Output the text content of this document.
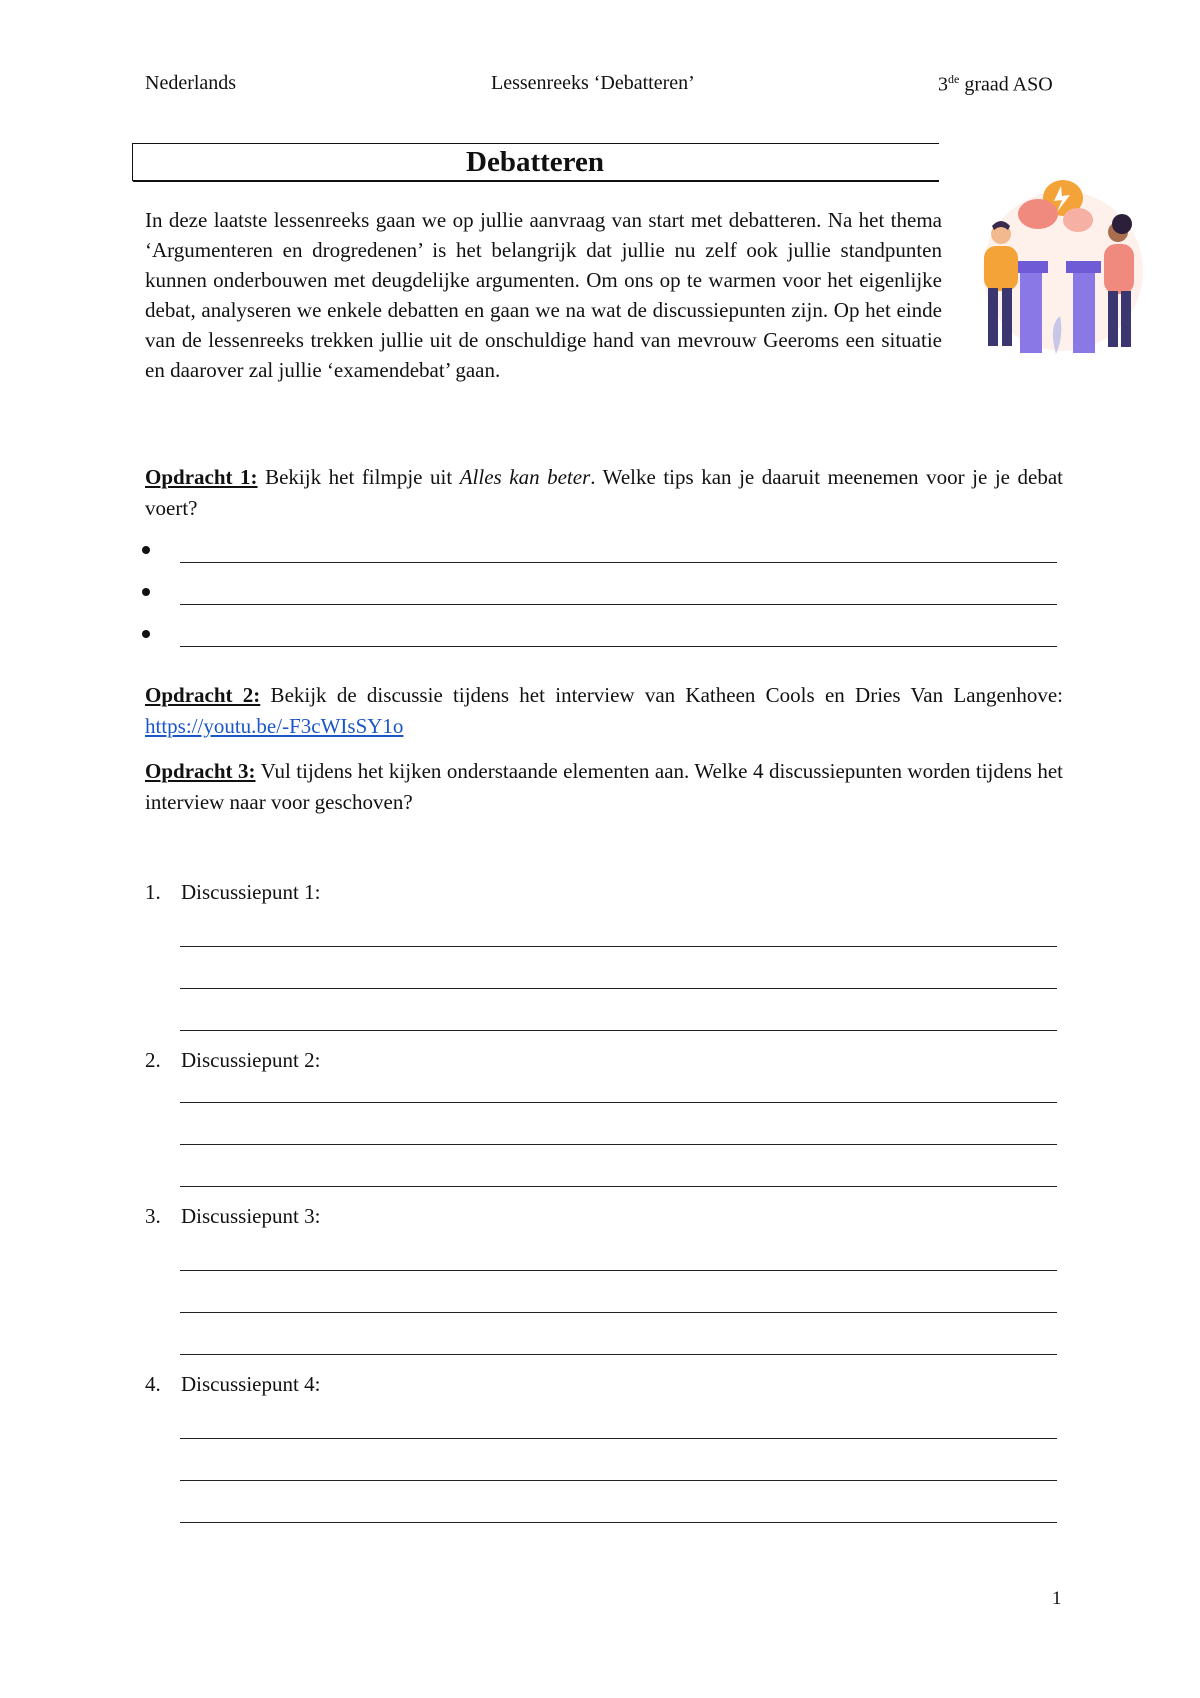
Nederlands	Lessenreeks ‘Debatteren’	3de graad ASO
Debatteren
In deze laatste lessenreeks gaan we op jullie aanvraag van start met debatteren. Na het thema ‘Argumenteren en drogredenen’ is het belangrijk dat jullie nu zelf ook jullie standpunten kunnen onderbouwen met deugdelijke argumenten. Om ons op te warmen voor het eigenlijke debat, analyseren we enkele debatten en gaan we na wat de discussiepunten zijn. Op het einde van de lessenreeks trekken jullie uit de onschuldige hand van mevrouw Geeroms een situatie en daarover zal jullie ‘examendebat’ gaan.
Opdracht 1: Bekijk het filmpje uit Alles kan beter. Welke tips kan je daaruit meenemen voor je je debat voert?
Opdracht 2: Bekijk de discussie tijdens het interview van Katheen Cools en Dries Van Langenhove: https://youtu.be/-F3cWIsSY1o
Opdracht 3: Vul tijdens het kijken onderstaande elementen aan. Welke 4 discussiepunten worden tijdens het interview naar voor geschoven?
1. Discussiepunt 1:
2. Discussiepunt 2:
3. Discussiepunt 3:
4. Discussiepunt 4:
1
